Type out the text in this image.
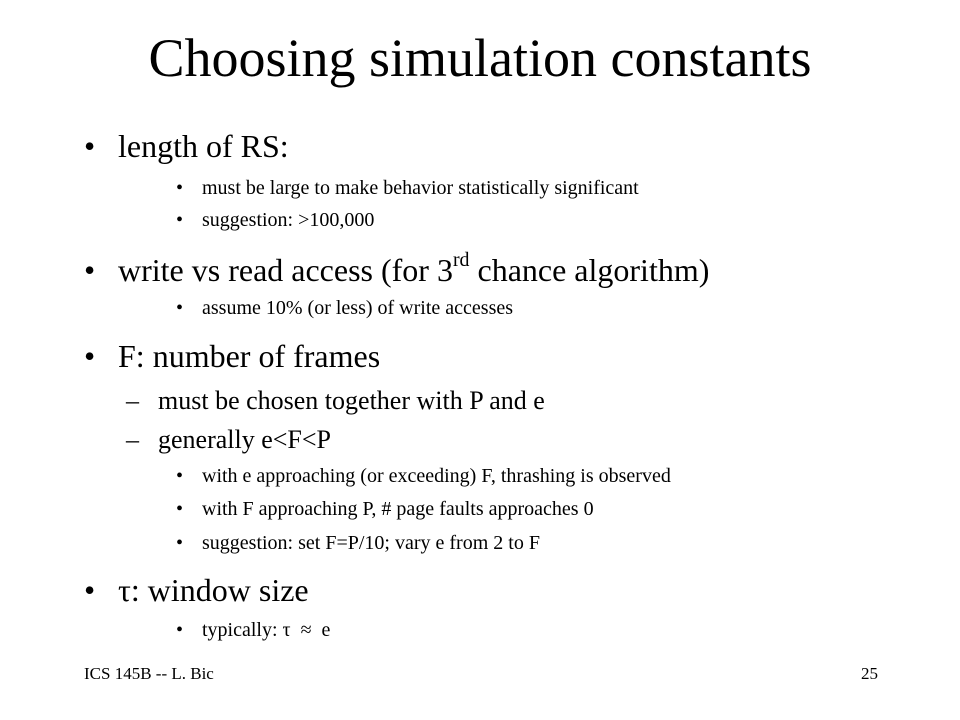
Choosing simulation constants
• length of RS:
• must be large to make behavior statistically significant
• suggestion: >100,000
• write vs read access (for 3rd chance algorithm)
• assume 10% (or less) of write accesses
• F: number of frames
– must be chosen together with P and e
– generally e<F<P
• with e approaching (or exceeding) F, thrashing is observed
• with F approaching P, # page faults approaches 0
• suggestion: set F=P/10; vary e from 2 to F
• τ: window size
• typically: τ  ≈  e
ICS 145B -- L. Bic	25
